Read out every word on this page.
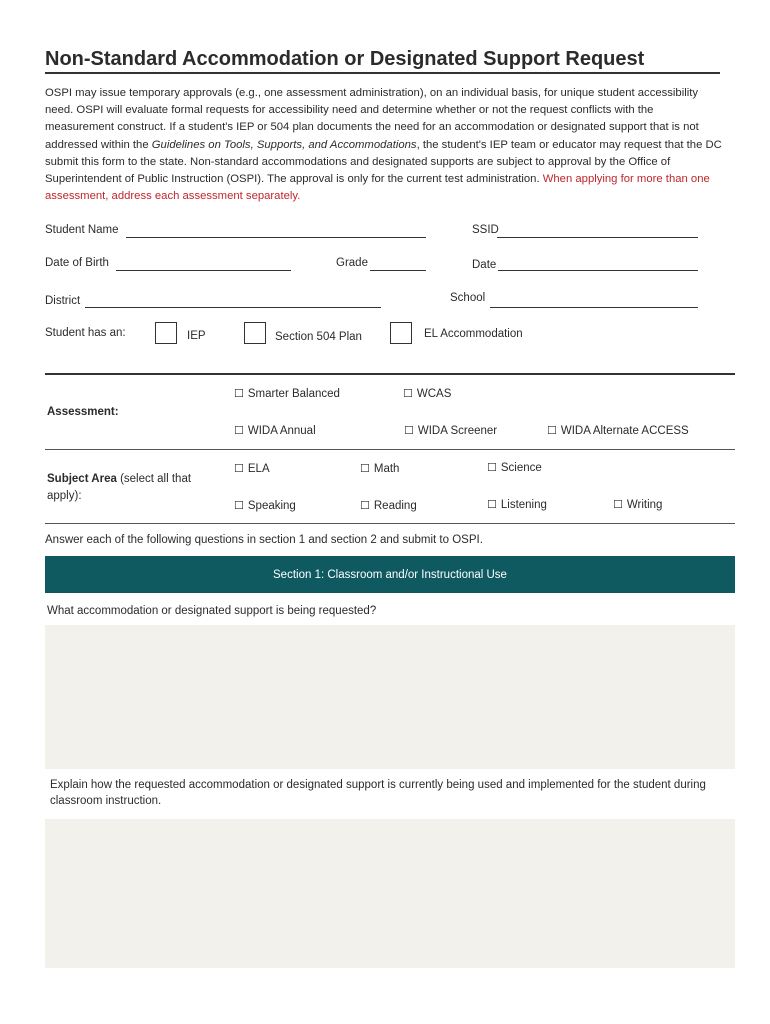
Non-Standard Accommodation or Designated Support Request
OSPI may issue temporary approvals (e.g., one assessment administration), on an individual basis, for unique student accessibility need. OSPI will evaluate formal requests for accessibility need and determine whether or not the request conflicts with the measurement construct. If a student's IEP or 504 plan documents the need for an accommodation or designated support that is not addressed within the Guidelines on Tools, Supports, and Accommodations, the student's IEP team or educator may request that the DC submit this form to the state. Non-standard accommodations and designated supports are subject to approval by the Office of Superintendent of Public Instruction (OSPI). The approval is only for the current test administration. When applying for more than one assessment, address each assessment separately.
Student Name	SSID
Date of Birth	Grade	Date
District	School
Student has an:	IEP	Section 504 Plan	EL Accommodation
Assessment:
☐ Smarter Balanced	☐ WCAS
☐ WIDA Annual	☐ WIDA Screener	☐ WIDA Alternate ACCESS
Subject Area (select all that apply):
☐ ELA	☐ Math	☐ Science
☐ Speaking	☐ Reading	☐ Listening	☐ Writing
Answer each of the following questions in section 1 and section 2 and submit to OSPI.
Section 1: Classroom and/or Instructional Use
What accommodation or designated support is being requested?
Explain how the requested accommodation or designated support is currently being used and implemented for the student during classroom instruction.
